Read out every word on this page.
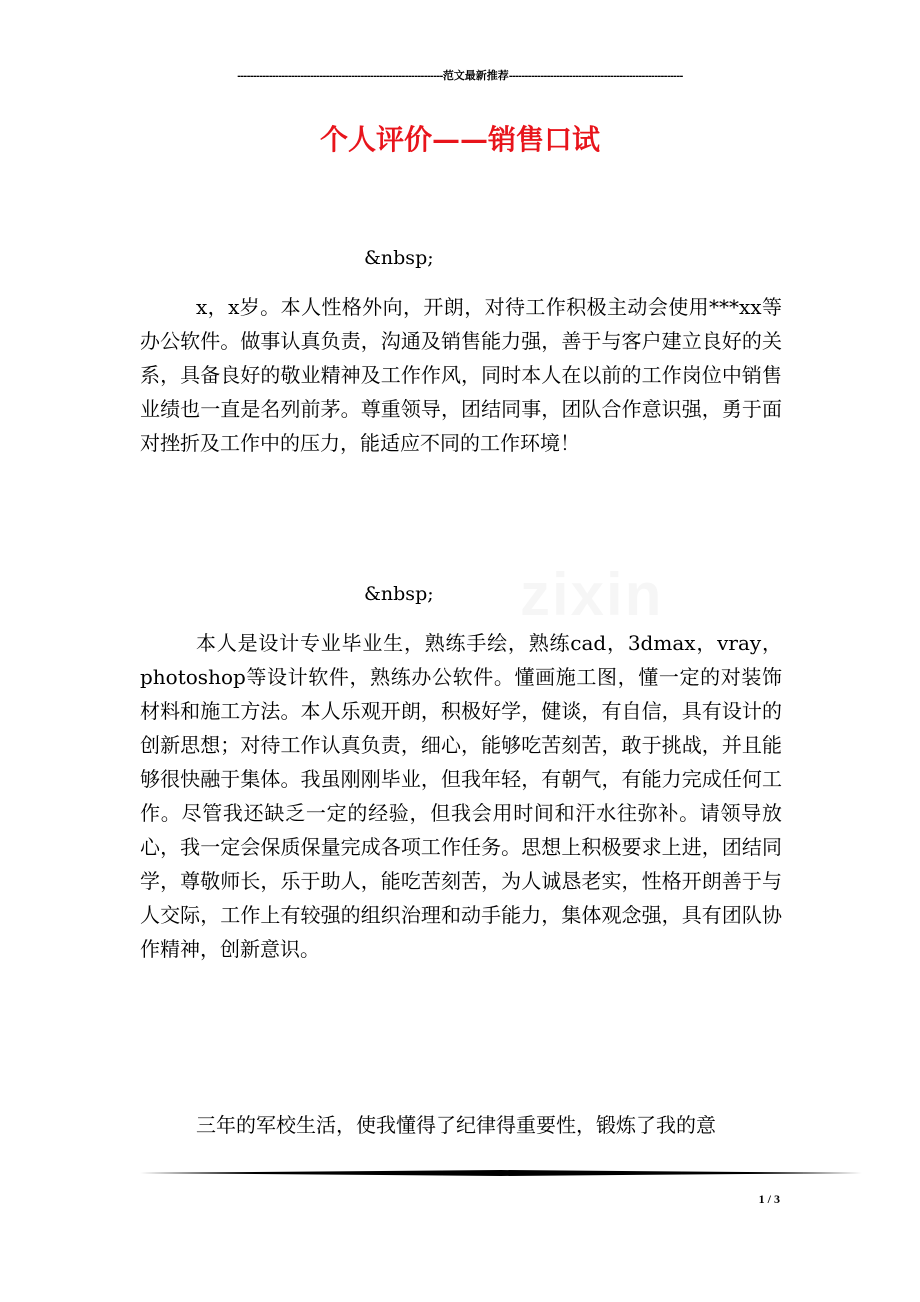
-----------------------------------------------------------------范文最新推荐-------------------------------------------------------
个人评价——销售口试
&nbsp;

x，x岁。本人性格外向，开朗，对待工作积极主动会使用***xx等办公软件。做事认真负责，沟通及销售能力强，善于与客户建立良好的关系，具备良好的敬业精神及工作作风，同时本人在以前的工作岗位中销售业绩也一直是名列前茅。尊重领导，团结同事，团队合作意识强，勇于面对挫折及工作中的压力，能适应不同的工作环境！

&nbsp;

本人是设计专业毕业生，熟练手绘，熟练cad，3dmax，vray，photoshop等设计软件，熟练办公软件。懂画施工图，懂一定的对装饰材料和施工方法。本人乐观开朗，积极好学，健谈，有自信，具有设计的创新思想；对待工作认真负责，细心，能够吃苦刻苦，敢于挑战，并且能够很快融于集体。我虽刚刚毕业，但我年轻，有朝气，有能力完成任何工作。尽管我还缺乏一定的经验，但我会用时间和汗水往弥补。请领导放心，我一定会保质保量完成各项工作任务。思想上积极要求上进，团结同学，尊敬师长，乐于助人，能吃苦刻苦，为人诚恳老实，性格开朗善于与人交际，工作上有较强的组织治理和动手能力，集体观念强，具有团队协作精神，创新意识。

三年的军校生活，使我懂得了纪律得重要性，锻炼了我的意

1 / 3
